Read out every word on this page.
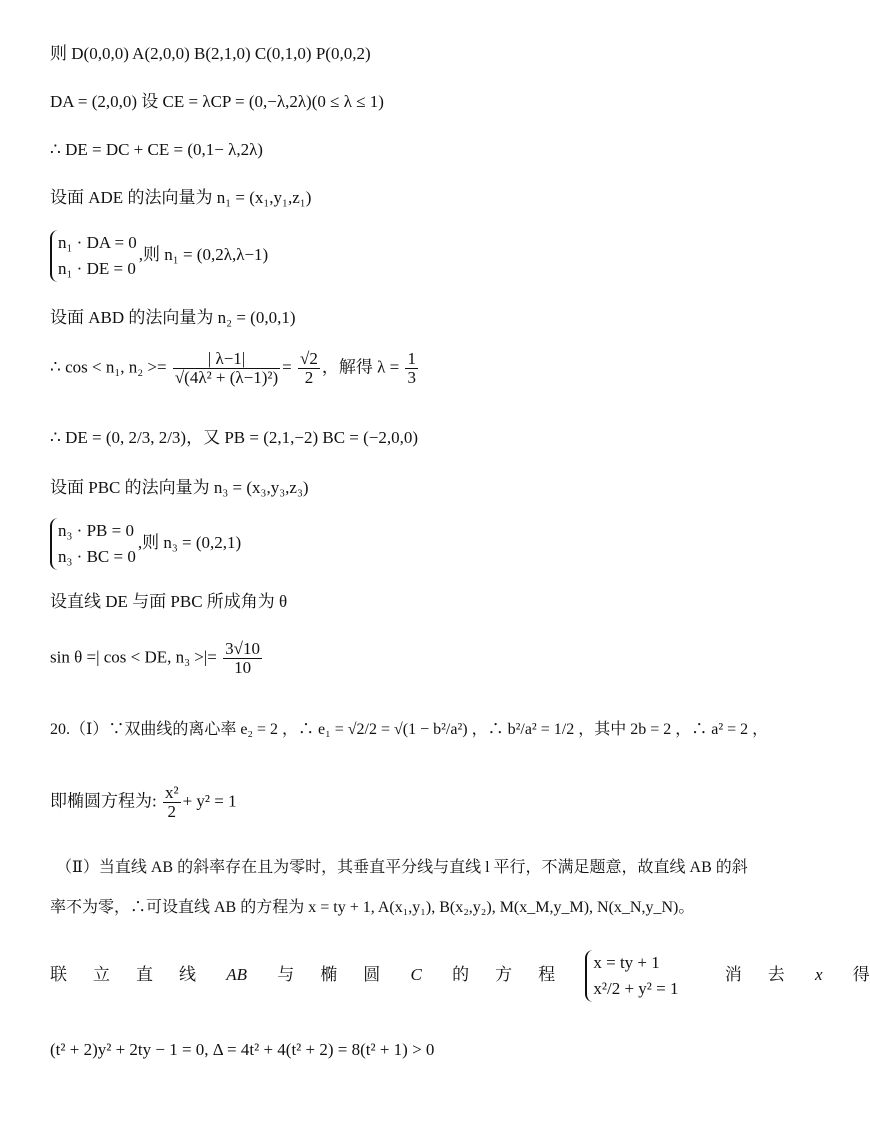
则 D(0,0,0) A(2,0,0) B(2,1,0) C(0,1,0) P(0,0,2)
DA = (2,0,0) 设 CE = λCP = (0,−λ,2λ)(0 ≤ λ ≤ 1)
∴ DE = DC + CE = (0,1− λ,2λ)
设面 ADE 的法向量为 n₁ = (x₁,y₁,z₁)
n₁ · DA = 0
n₁ · DE = 0
,则 n₁ = (0,2λ,λ−1)
设面 ABD 的法向量为 n₂ = (0,0,1)
∴ cos < n₁, $n_2 >= \frac{| \lambda-1|}{\text{√(4λ² + (λ−1)²)}} = \frac{√2}{2}$ ，解得 $\lambda = \frac{1}{3}$
∴ DE = (0, 2/3, 2/3)，又 PB = (2,1,−2) BC = (−2,0,0)
设面 PBC 的法向量为 n₃ = (x₃,y₃,z₃)
n₃ · PB = 0
n₃ · BC = 0
,则 n₃ = (0,2,1)
设直线 DE 与面 PBC 所成角为 θ
sin θ =| cos < DE, n₃ >|= $\frac{3√10}{10}$
20.（Ⅰ）∵双曲线的离心率 e₂ = 2 ，∴ e₁ = √2/2 = √(1 − b²/a²) ，∴ b²/a² = 1/2 ，其中 2b = 2 ，∴ a² = 2 ，
即椭圆方程为: $\frac{\text{x²}}{2} + y^2 = 1$
（Ⅱ）当直线 AB 的斜率存在且为零时，其垂直平分线与直线 l 平行，不满足题意，故直线 AB 的斜
率不为零，∴可设直线 AB 的方程为 x = ty + 1, A(x₁,y₁), B(x₂,y₂), M(x_M,y_M), N(x_N,y_N)。
联立直线 AB 与椭圆 C 的方程
x = ty + 1
x²/2 + y² = 1
消去 x 得
(t² + 2)y² + 2ty − 1 = 0, Δ = 4t² + 4(t² + 2) = 8(t² + 1) > 0
